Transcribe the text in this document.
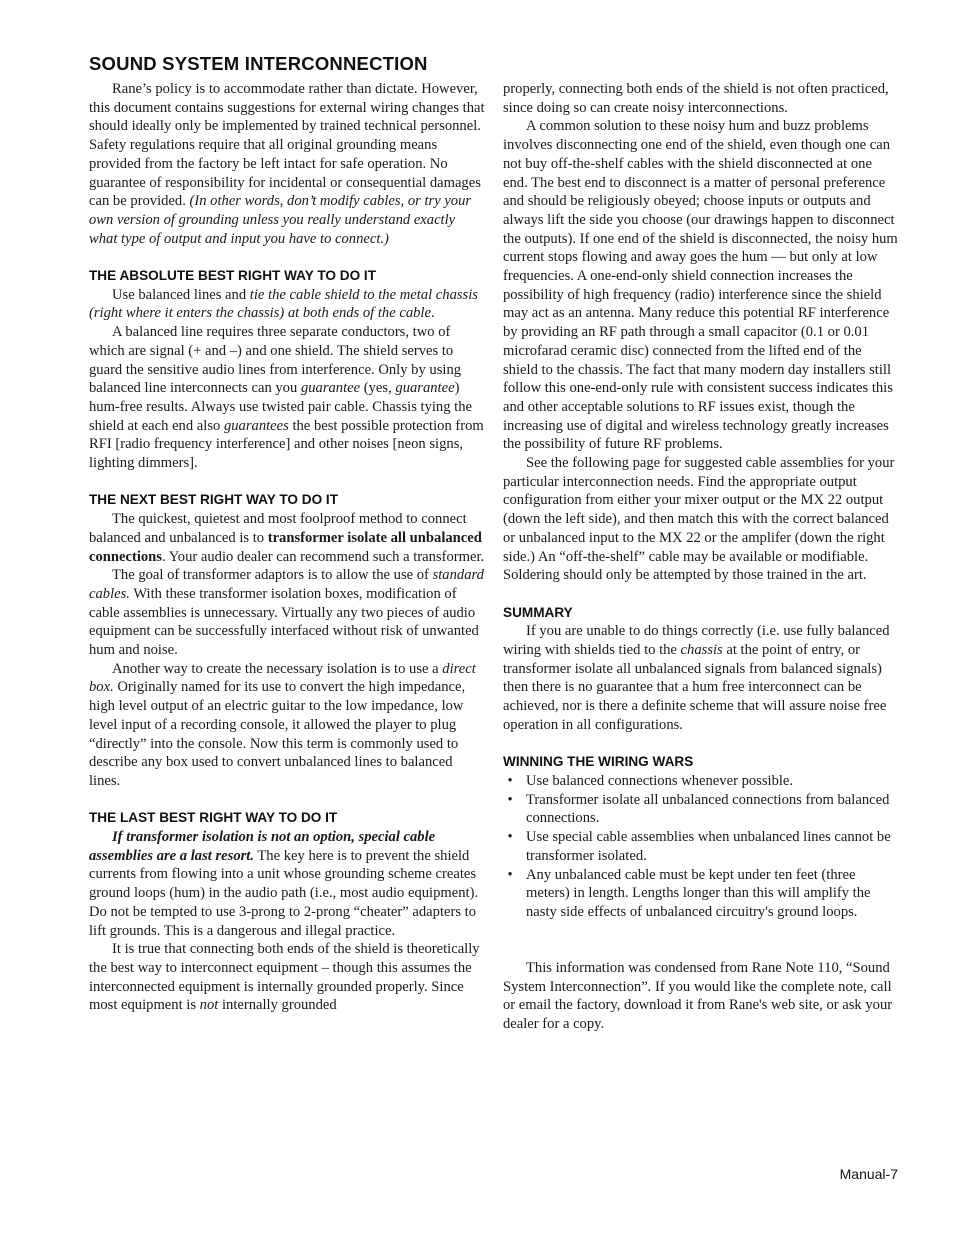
SOUND SYSTEM INTERCONNECTION

Rane’s policy is to accommodate rather than dictate. However, this document contains suggestions for external wiring changes that should ideally only be implemented by trained technical personnel. Safety regulations require that all original grounding means provided from the factory be left intact for safe operation. No guarantee of responsibility for incidental or consequential damages can be provided. (In other words, don’t modify cables, or try your own version of grounding unless you really understand exactly what type of output and input you have to connect.)

THE ABSOLUTE BEST RIGHT WAY TO DO IT

Use balanced lines and tie the cable shield to the metal chassis (right where it enters the chassis) at both ends of the cable.

A balanced line requires three separate conductors, two of which are signal (+ and –) and one shield. The shield serves to guard the sensitive audio lines from interference. Only by using balanced line interconnects can you guarantee (yes, guarantee) hum-free results. Always use twisted pair cable. Chassis tying the shield at each end also guarantees the best possible protection from RFI [radio frequency interference] and other noises [neon signs, lighting dimmers].

THE NEXT BEST RIGHT WAY TO DO IT

The quickest, quietest and most foolproof method to connect balanced and unbalanced is to transformer isolate all unbalanced connections. Your audio dealer can recommend such a transformer.

The goal of transformer adaptors is to allow the use of standard cables. With these transformer isolation boxes, modification of cable assemblies is unnecessary. Virtually any two pieces of audio equipment can be successfully interfaced without risk of unwanted hum and noise.

Another way to create the necessary isolation is to use a direct box. Originally named for its use to convert the high impedance, high level output of an electric guitar to the low impedance, low level input of a recording console, it allowed the player to plug “directly” into the console. Now this term is commonly used to describe any box used to convert unbalanced lines to balanced lines.

THE LAST BEST RIGHT WAY TO DO IT

If transformer isolation is not an option, special cable assemblies are a last resort. The key here is to prevent the shield currents from flowing into a unit whose grounding scheme creates ground loops (hum) in the audio path (i.e., most audio equipment). Do not be tempted to use 3-prong to 2-prong “cheater” adapters to lift grounds. This is a dangerous and illegal practice.

It is true that connecting both ends of the shield is theoretically the best way to interconnect equipment – though this assumes the interconnected equipment is internally grounded properly. Since most equipment is not internally grounded

properly, connecting both ends of the shield is not often practiced, since doing so can create noisy interconnections.

A common solution to these noisy hum and buzz problems involves disconnecting one end of the shield, even though one can not buy off-the-shelf cables with the shield disconnected at one end. The best end to disconnect is a matter of personal preference and should be religiously obeyed; choose inputs or outputs and always lift the side you choose (our drawings happen to disconnect the outputs). If one end of the shield is disconnected, the noisy hum current stops flowing and away goes the hum — but only at low frequencies. A one-end-only shield connection increases the possibility of high frequency (radio) interference since the shield may act as an antenna. Many reduce this potential RF interference by providing an RF path through a small capacitor (0.1 or 0.01 microfarad ceramic disc) connected from the lifted end of the shield to the chassis. The fact that many modern day installers still follow this one-end-only rule with consistent success indicates this and other acceptable solutions to RF issues exist, though the increasing use of digital and wireless technology greatly increases the possibility of future RF problems.

See the following page for suggested cable assemblies for your particular interconnection needs. Find the appropriate output configuration from either your mixer output or the MX 22 output (down the left side), and then match this with the correct balanced or unbalanced input to the MX 22 or the amplifer (down the right side.) An “off-the-shelf” cable may be available or modifiable. Soldering should only be attempted by those trained in the art.

SUMMARY

If you are unable to do things correctly (i.e. use fully balanced wiring with shields tied to the chassis at the point of entry, or transformer isolate all unbalanced signals from balanced signals) then there is no guarantee that a hum free interconnect can be achieved, nor is there a definite scheme that will assure noise free operation in all configurations.

WINNING THE WIRING WARS
• Use balanced connections whenever possible.
• Transformer isolate all unbalanced connections from balanced connections.
• Use special cable assemblies when unbalanced lines cannot be transformer isolated.
• Any unbalanced cable must be kept under ten feet (three meters) in length. Lengths longer than this will amplify the nasty side effects of unbalanced circuitry's ground loops.

This information was condensed from Rane Note 110, “Sound System Interconnection”. If you would like the complete note, call or email the factory, download it from Rane's web site, or ask your dealer for a copy.

Manual-7
